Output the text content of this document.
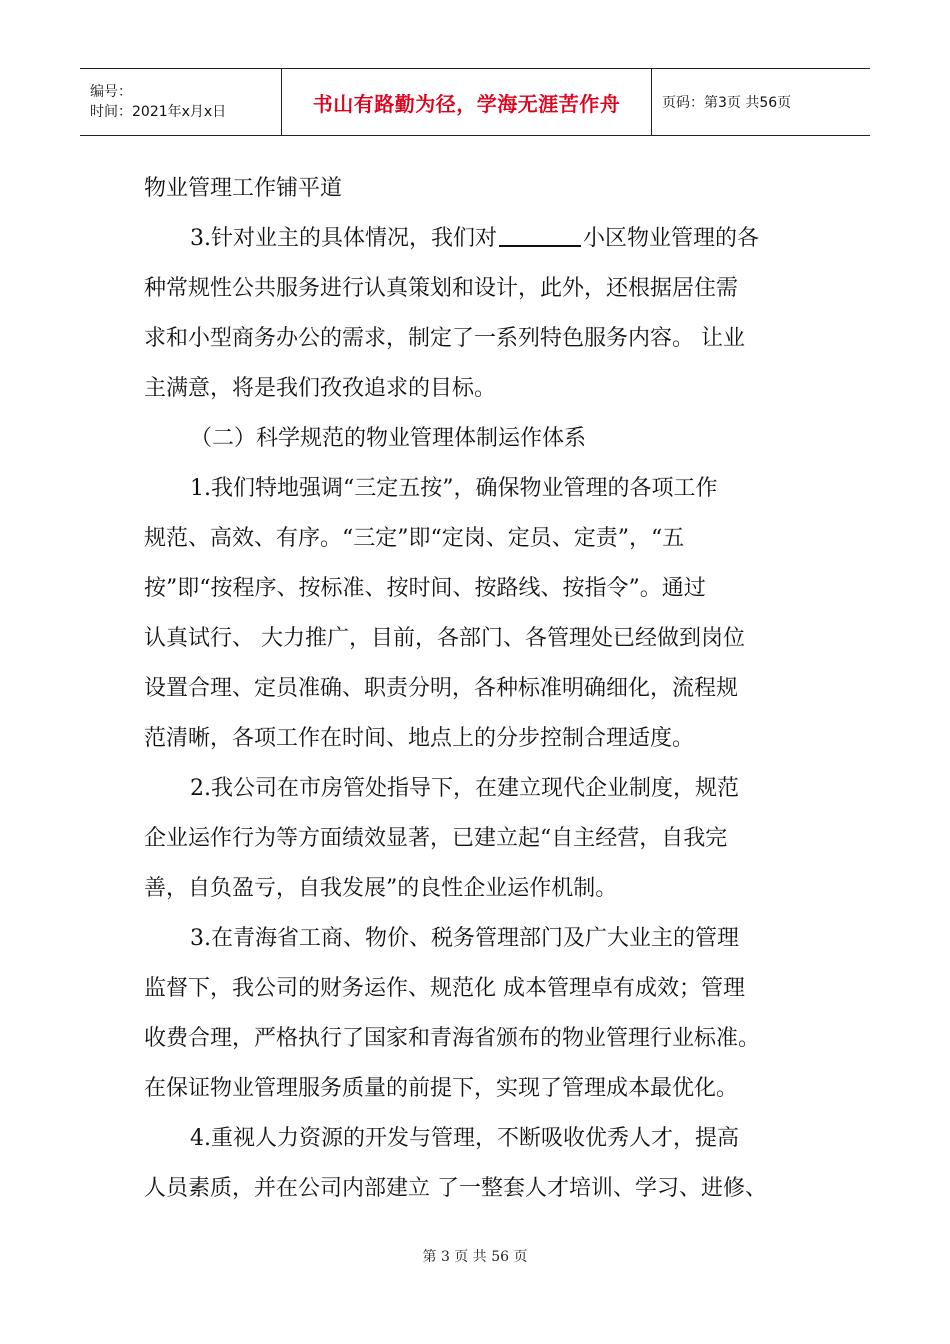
编号：
时间：2021年x月x日	书山有路勤为径，学海无涯苦作舟	页码：第3页 共56页
物业管理工作铺平道
3.针对业主的具体情况，我们对	小区物业管理的各
种常规性公共服务进行认真策划和设计，此外，还根据居住需
求和小型商务办公的需求，制定了一系列特色服务内容。 让业
主满意，将是我们孜孜追求的目标。
（二）科学规范的物业管理体制运作体系
1.我们特地强调“三定五按”，确保物业管理的各项工作
规范、高效、有序。“三定”即“定岗、定员、定责”，“五
按”即“按程序、按标准、按时间、按路线、按指令”。通过
认真试行、 大力推广，目前，各部门、各管理处已经做到岗位
设置合理、定员准确、职责分明，各种标准明确细化，流程规
范清晰，各项工作在时间、地点上的分步控制合理适度。
2.我公司在市房管处指导下，在建立现代企业制度，规范
企业运作行为等方面绩效显著，已建立起“自主经营，自我完
善，自负盈亏，自我发展”的良性企业运作机制。
3.在青海省工商、物价、税务管理部门及广大业主的管理
监督下，我公司的财务运作、规范化 成本管理卓有成效；管理
收费合理，严格执行了国家和青海省颁布的物业管理行业标准。
在保证物业管理服务质量的前提下，实现了管理成本最优化。
4.重视人力资源的开发与管理，不断吸收优秀人才，提高
人员素质，并在公司内部建立 了一整套人才培训、学习、进修、
第 3 页 共 56 页
